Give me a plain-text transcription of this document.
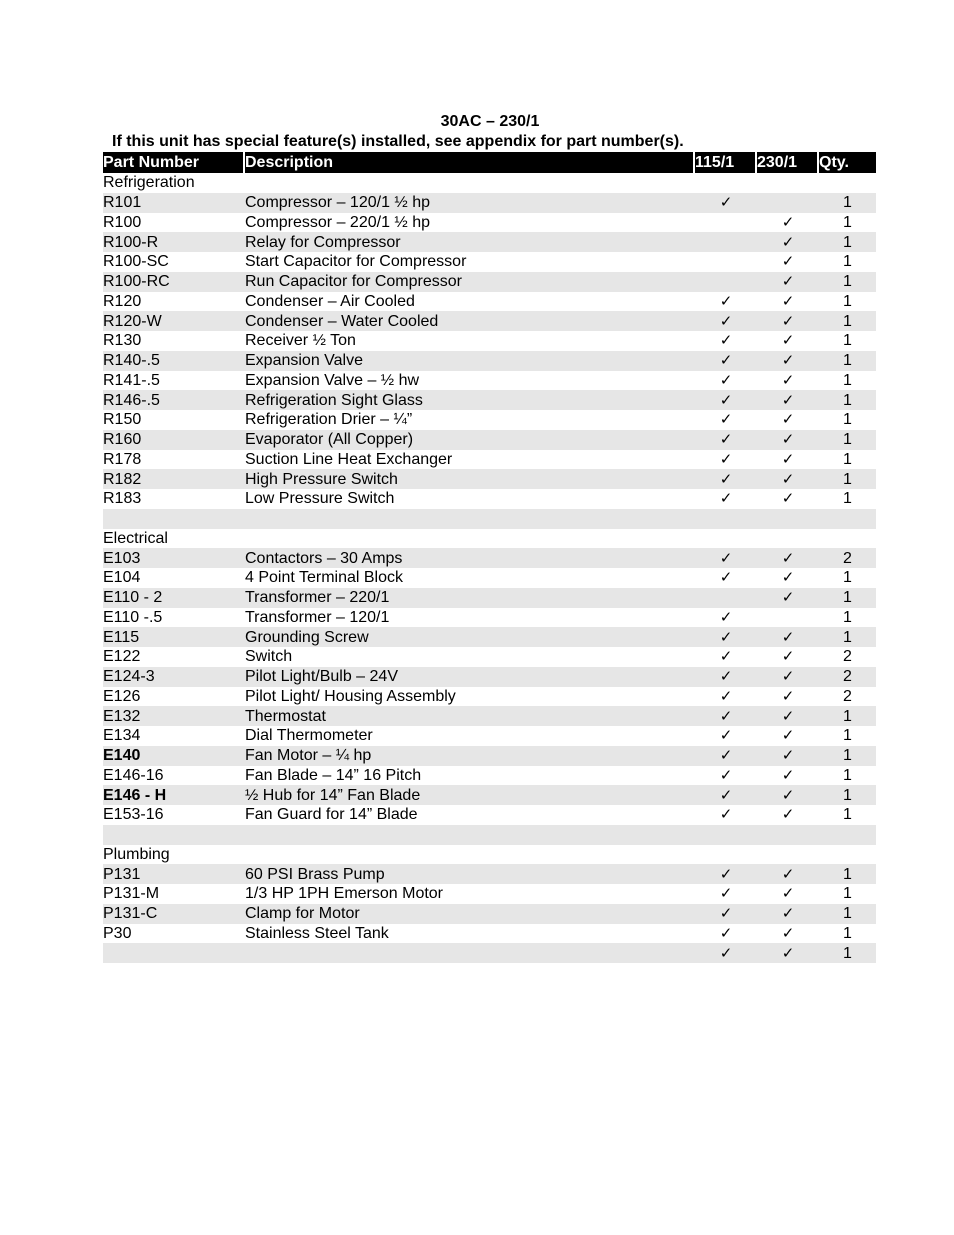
30AC – 230/1
If this unit has special feature(s) installed, see appendix for part number(s).
Part Number	Description	115/1	230/1	Qty.
Refrigeration				
R101	Compressor – 120/1 ½ hp	✓		1
R100	Compressor – 220/1 ½ hp		✓	1
R100-R	Relay for Compressor		✓	1
R100-SC	Start Capacitor for Compressor		✓	1
R100-RC	Run Capacitor for Compressor		✓	1
R120	Condenser – Air Cooled	✓	✓	1
R120-W	Condenser – Water Cooled	✓	✓	1
R130	Receiver ½ Ton	✓	✓	1
R140-.5	Expansion Valve	✓	✓	1
R141-.5	Expansion Valve – ½ hw	✓	✓	1
R146-.5	Refrigeration Sight Glass	✓	✓	1
R150	Refrigeration Drier – ¼”	✓	✓	1
R160	Evaporator (All Copper)	✓	✓	1
R178	Suction Line Heat Exchanger	✓	✓	1
R182	High Pressure Switch	✓	✓	1
R183	Low Pressure Switch	✓	✓	1

Electrical				
E103	Contactors – 30 Amps	✓	✓	2
E104	4 Point Terminal Block	✓	✓	1
E110 - 2	Transformer – 220/1		✓	1
E110 -.5	Transformer – 120/1	✓		1
E115	Grounding Screw	✓	✓	1
E122	Switch	✓	✓	2
E124-3	Pilot Light/Bulb – 24V	✓	✓	2
E126	Pilot Light/ Housing Assembly	✓	✓	2
E132	Thermostat	✓	✓	1
E134	Dial Thermometer	✓	✓	1
E140	Fan Motor – ¼ hp	✓	✓	1
E146-16	Fan Blade – 14” 16 Pitch	✓	✓	1
E146 - H	½ Hub for 14” Fan Blade	✓	✓	1
E153-16	Fan Guard for 14” Blade	✓	✓	1

Plumbing				
P131	60 PSI Brass Pump	✓	✓	1
P131-M	1/3 HP 1PH Emerson Motor	✓	✓	1
P131-C	Clamp for Motor	✓	✓	1
P30	Stainless Steel Tank	✓	✓	1
		✓	✓	1
